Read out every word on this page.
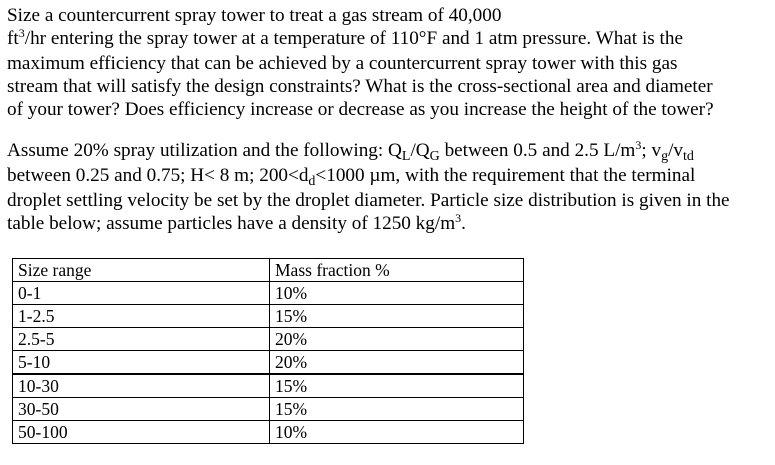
Size a countercurrent spray tower to treat a gas stream of 40,000
$ft^3/hr$ entering the spray tower at a temperature of 110°F and 1 atm pressure. What is the
maximum efficiency that can be achieved by a countercurrent spray tower with this gas
stream that will satisfy the design constraints? What is the cross-sectional area and diameter
of your tower? Does efficiency increase or decrease as you increase the height of the tower?
Assume 20% spray utilization and the following: $Q_L/Q_G$ between 0.5 and 2.5 $L/m^3$; $v_g/v_{td}$
between 0.25 and 0.75; H< 8 m; $200<d_d<1000$ µm, with the requirement that the terminal
droplet settling velocity be set by the droplet diameter. Particle size distribution is given in the
table below; assume particles have a density of 1250 $kg/m^3$.
Size range	Mass fraction %
0-1	10%
1-2.5	15%
2.5-5	20%
5-10	20%
10-30	15%
30-50	15%
50-100	10%
